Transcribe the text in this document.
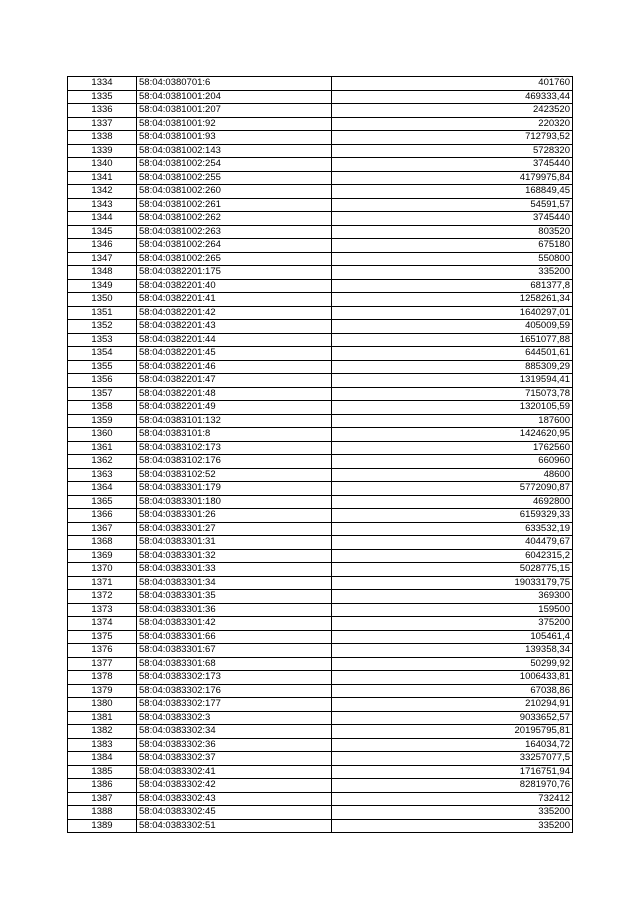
1334	58:04:0380701:6	401760
1335	58:04:0381001:204	469333,44
1336	58:04:0381001:207	2423520
1337	58:04:0381001:92	220320
1338	58:04:0381001:93	712793,52
1339	58:04:0381002:143	5728320
1340	58:04:0381002:254	3745440
1341	58:04:0381002:255	4179975,84
1342	58:04:0381002:260	168849,45
1343	58:04:0381002:261	54591,57
1344	58:04:0381002:262	3745440
1345	58:04:0381002:263	803520
1346	58:04:0381002:264	675180
1347	58:04:0381002:265	550800
1348	58:04:0382201:175	335200
1349	58:04:0382201:40	681377,8
1350	58:04:0382201:41	1258261,34
1351	58:04:0382201:42	1640297,01
1352	58:04:0382201:43	405009,59
1353	58:04:0382201:44	1651077,88
1354	58:04:0382201:45	644501,61
1355	58:04:0382201:46	885309,29
1356	58:04:0382201:47	1319594,41
1357	58:04:0382201:48	715073,78
1358	58:04:0382201:49	1320105,59
1359	58:04:0383101:132	187600
1360	58:04:0383101:8	1424620,95
1361	58:04:0383102:173	1762560
1362	58:04:0383102:176	660960
1363	58:04:0383102:52	48600
1364	58:04:0383301:179	5772090,87
1365	58:04:0383301:180	4692800
1366	58:04:0383301:26	6159329,33
1367	58:04:0383301:27	633532,19
1368	58:04:0383301:31	404479,67
1369	58:04:0383301:32	6042315,2
1370	58:04:0383301:33	5028775,15
1371	58:04:0383301:34	19033179,75
1372	58:04:0383301:35	369300
1373	58:04:0383301:36	159500
1374	58:04:0383301:42	375200
1375	58:04:0383301:66	105461,4
1376	58:04:0383301:67	139358,34
1377	58:04:0383301:68	50299,92
1378	58:04:0383302:173	1006433,81
1379	58:04:0383302:176	67038,86
1380	58:04:0383302:177	210294,91
1381	58:04:0383302:3	9033652,57
1382	58:04:0383302:34	20195795,81
1383	58:04:0383302:36	164034,72
1384	58:04:0383302:37	33257077,5
1385	58:04:0383302:41	1716751,94
1386	58:04:0383302:42	8281970,76
1387	58:04:0383302:43	732412
1388	58:04:0383302:45	335200
1389	58:04:0383302:51	335200
